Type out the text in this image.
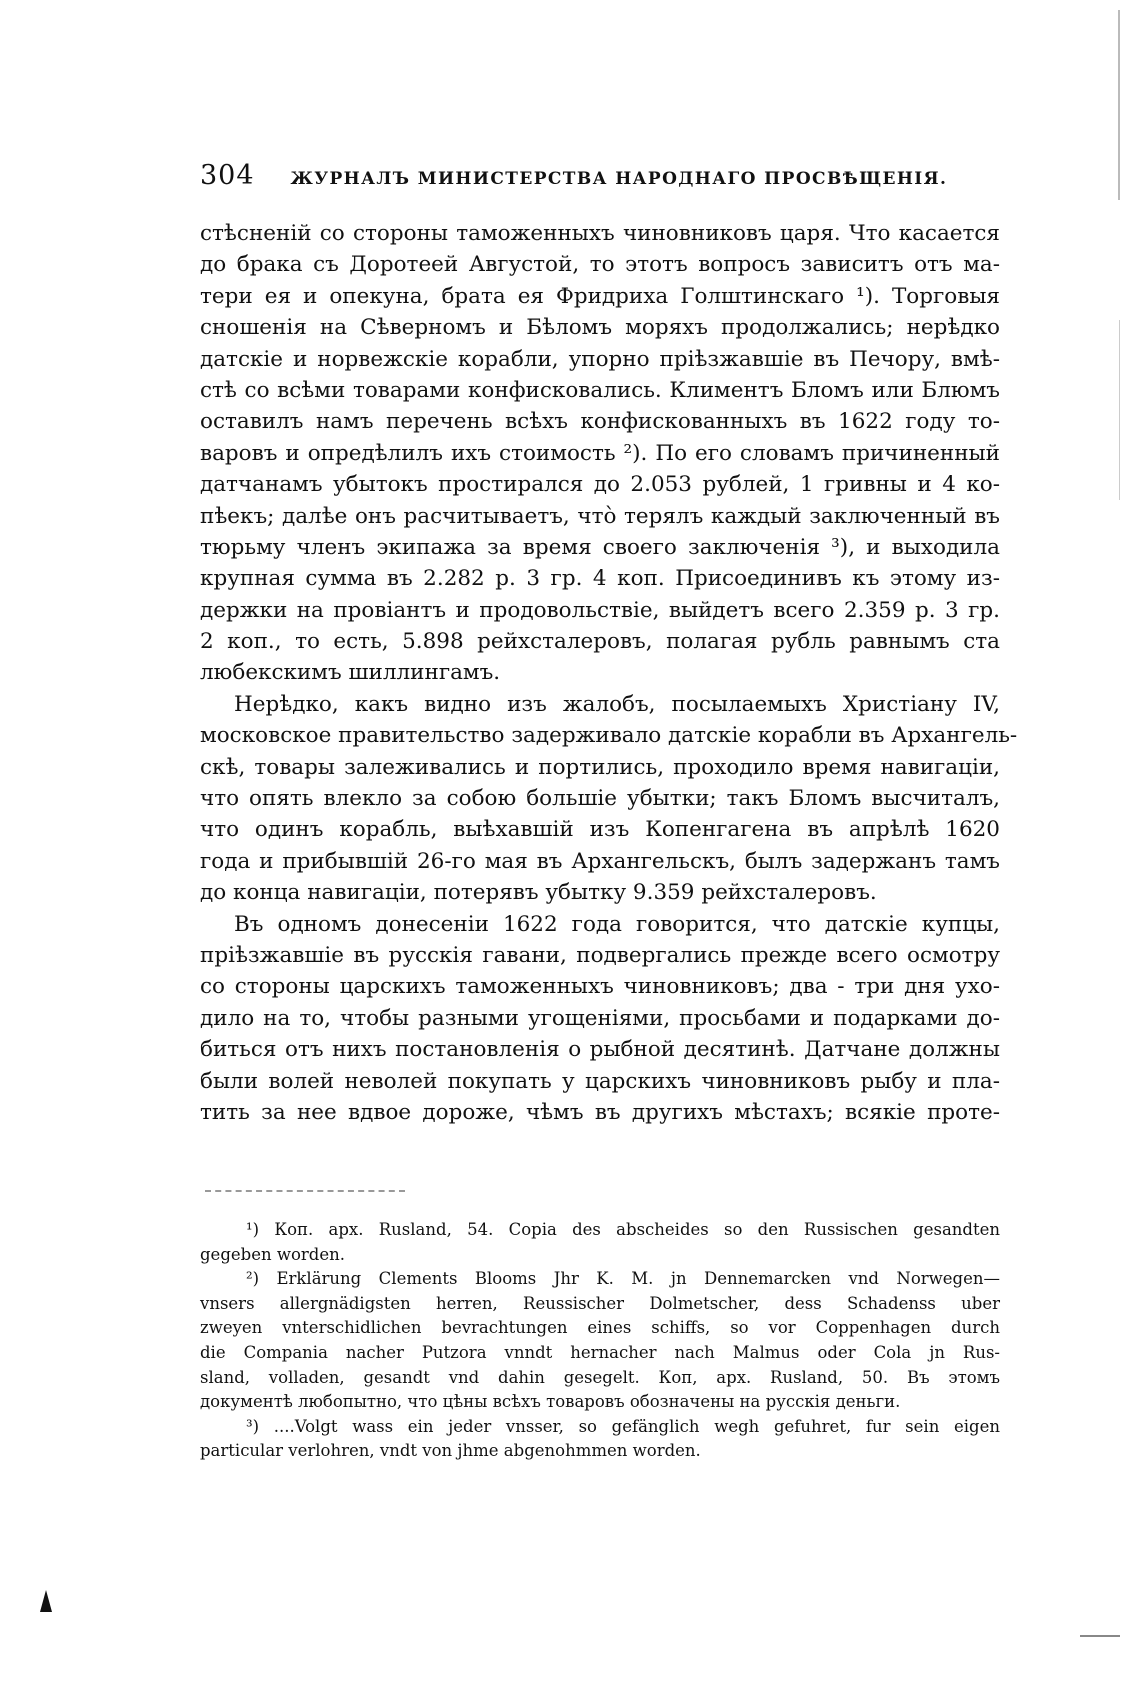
304 ЖУРНАЛЪ МИНИСТЕРСТВА НАРОДНАГО ПРОСВѢЩЕНІЯ.
стѣсненій со стороны таможенныхъ чиновниковъ царя. Что касается
до брака съ Доротеей Августой, то этотъ вопросъ зависитъ отъ ма-
тери ея и опекуна, брата ея Фридриха Голштинскаго ¹). Торговыя
сношенія на Сѣверномъ и Бѣломъ моряхъ продолжались; нерѣдко
датскіе и норвежскіе корабли, упорно пріѣзжавшіе въ Печору, вмѣ-
стѣ со всѣми товарами конфисковались. Климентъ Бломъ или Блюмъ
оставилъ намъ перечень всѣхъ конфискованныхъ въ 1622 году то-
варовъ и опредѣлилъ ихъ стоимость ²). По его словамъ причиненный
датчанамъ убытокъ простирался до 2.053 рублей, 1 гривны и 4 ко-
пѣекъ; далѣе онъ расчитываетъ, что̀ терялъ каждый заключенный въ
тюрьму членъ экипажа за время своего заключенія ³), и выходила
крупная сумма въ 2.282 р. 3 гр. 4 коп. Присоединивъ къ этому из-
держки на провіантъ и продовольствіе, выйдетъ всего 2.359 р. 3 гр.
2 коп., то есть, 5.898 рейхсталеровъ, полагая рубль равнымъ ста
любекскимъ шиллингамъ.
Нерѣдко, какъ видно изъ жалобъ, посылаемыхъ Христіану IV,
московское правительство задерживало датскіе корабли въ Архангель-
скѣ, товары залеживались и портились, проходило время навигаціи,
что опять влекло за собою большіе убытки; такъ Бломъ высчиталъ,
что одинъ корабль, выѣхавшій изъ Копенгагена въ апрѣлѣ 1620
года и прибывшій 26-го мая въ Архангельскъ, былъ задержанъ тамъ
до конца навигаціи, потерявъ убытку 9.359 рейхсталеровъ.
Въ одномъ донесеніи 1622 года говорится, что датскіе купцы,
пріѣзжавшіе въ русскія гавани, подвергались прежде всего осмотру
со стороны царскихъ таможенныхъ чиновниковъ; два - три дня ухо-
дило на то, чтобы разными угощеніями, просьбами и подарками до-
биться отъ нихъ постановленія о рыбной десятинѣ. Датчане должны
были волей неволей покупать у царскихъ чиновниковъ рыбу и пла-
тить за нее вдвое дороже, чѣмъ въ другихъ мѣстахъ; всякіе проте-
¹) Коп. арх. Rusland, 54. Copia des abscheides so den Russischen gesandten
gegeben worden.
²) Erklärung Clements Blooms Jhr K. M. jn Dennemarcken vnd Norwegen—
vnsers allergnädigsten herren, Reussischer Dolmetscher, dess Schadenss uber
zweyen vnterschidlichen bevrachtungen eines schiffs, so vor Coppenhagen durch
die Compania nacher Putzora vnndt hernacher nach Malmus oder Cola jn Rus-
sland, volladen, gesandt vnd dahin gesegelt. Коп, арх. Rusland, 50. Въ этомъ
документѣ любопытно, что цѣны всѣхъ товаровъ обозначены на русскія деньги.
³) ....Volgt wass ein jeder vnsser, so gefänglich wegh gefuhret, fur sein eigen
particular verlohren, vndt von jhme abgenohmmen worden.
